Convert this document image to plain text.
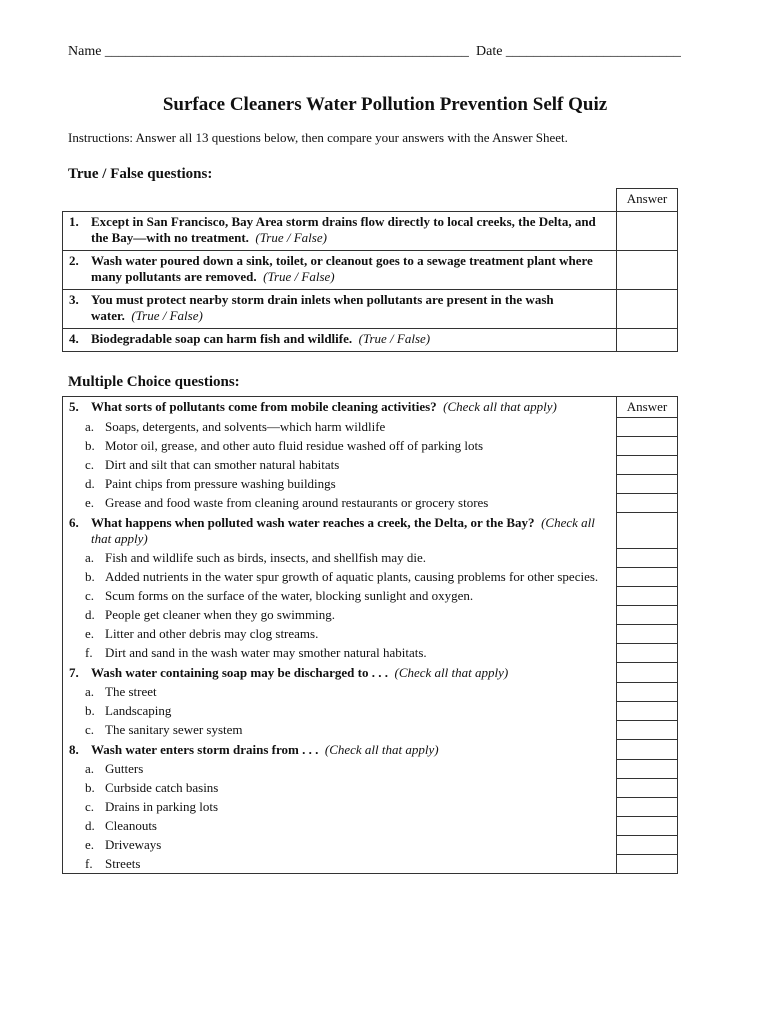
Name ____________________________________________________ Date _________________________
Surface Cleaners Water Pollution Prevention Self Quiz
Instructions: Answer all 13 questions below, then compare your answers with the Answer Sheet.
True / False questions:
	Answer

1. Except in San Francisco, Bay Area storm drains flow directly to local creeks, the Delta, and the Bay—with no treatment. (True / False)	

2. Wash water poured down a sink, toilet, or cleanout goes to a sewage treatment plant where many pollutants are removed. (True / False)	

3. You must protect nearby storm drain inlets when pollutants are present in the wash water. (True / False)	

4. Biodegradable soap can harm fish and wildlife. (True / False)	

Multiple Choice questions:
5. What sorts of pollutants come from mobile cleaning activities? (Check all that apply)	Answer

a. Soaps, detergents, and solvents—which harm wildlife	

b. Motor oil, grease, and other auto fluid residue washed off of parking lots	

c. Dirt and silt that can smother natural habitats	

d. Paint chips from pressure washing buildings	

e. Grease and food waste from cleaning around restaurants or grocery stores	

6. What happens when polluted wash water reaches a creek, the Delta, or the Bay? (Check all that apply)	

a. Fish and wildlife such as birds, insects, and shellfish may die.	

b. Added nutrients in the water spur growth of aquatic plants, causing problems for other species.	

c. Scum forms on the surface of the water, blocking sunlight and oxygen.	

d. People get cleaner when they go swimming.	

e. Litter and other debris may clog streams.	

f. Dirt and sand in the wash water may smother natural habitats.	

7. Wash water containing soap may be discharged to . . . (Check all that apply)	

a. The street	

b. Landscaping	

c. The sanitary sewer system	

8. Wash water enters storm drains from . . . (Check all that apply)	

a. Gutters	

b. Curbside catch basins	

c. Drains in parking lots	

d. Cleanouts	

e. Driveways	

f. Streets	
